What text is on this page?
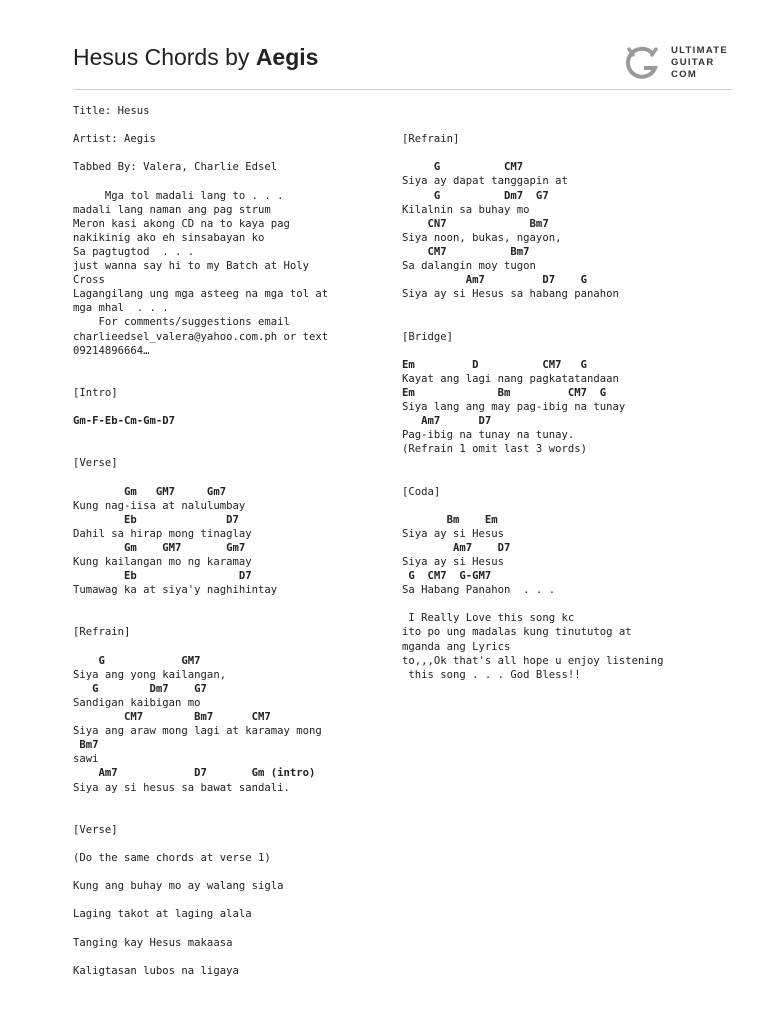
Hesus Chords by Aegis	ULTIMATE
GUITAR
COM
Title: Hesus
Artist: Aegis
Tabbed By: Valera, Charlie Edsel
Mga tol madali lang to . . .
madali lang naman ang pag strum
Meron kasi akong CD na to kaya pag
nakikinig ako eh sinsabayan ko
Sa pagtugtod  . . .
just wanna say hi to my Batch at Holy
Cross
Lagangilang ung mga asteeg na mga tol at
mga mhal  . . .
For comments/suggestions email
charlieedsel_valera@yahoo.com.ph or text
09214896664…
[Intro]
Gm-F-Eb-Cm-Gm-D7
[Verse]
Gm   GM7     Gm7
Kung nag-iisa at nalulumbay
Eb              D7
Dahil sa hirap mong tinaglay
Gm    GM7       Gm7
Kung kailangan mo ng karamay
Eb                D7
Tumawag ka at siya'y naghihintay
[Refrain]
G            GM7
Siya ang yong kailangan,
G        Dm7    G7
Sandigan kaibigan mo
CM7        Bm7      CM7
Siya ang araw mong lagi at karamay mong
Bm7
sawi
Am7            D7       Gm (intro)
Siya ay si hesus sa bawat sandali.
[Verse]
(Do the same chords at verse 1)
Kung ang buhay mo ay walang sigla
Laging takot at laging alala
Tanging kay Hesus makaasa
Kaligtasan lubos na ligaya
[Refrain]
G          CM7
Siya ay dapat tanggapin at
G          Dm7  G7
Kilalnin sa buhay mo
CN7             Bm7
Siya noon, bukas, ngayon,
CM7          Bm7
Sa dalangin moy tugon
Am7         D7    G
Siya ay si Hesus sa habang panahon
[Bridge]
Em         D          CM7   G
Kayat ang lagi nang pagkatatandaan
Em             Bm         CM7  G
Siya lang ang may pag-ibig na tunay
Am7      D7
Pag-ibig na tunay na tunay.
(Refrain 1 omit last 3 words)
[Coda]
Bm    Em
Siya ay si Hesus
Am7    D7
Siya ay si Hesus
G  CM7  G-GM7
Sa Habang Panahon  . . .
I Really Love this song kc
ito po ung madalas kung tinututog at
mganda ang Lyrics
to,,,Ok that's all hope u enjoy listening
this song . . . God Bless!!
